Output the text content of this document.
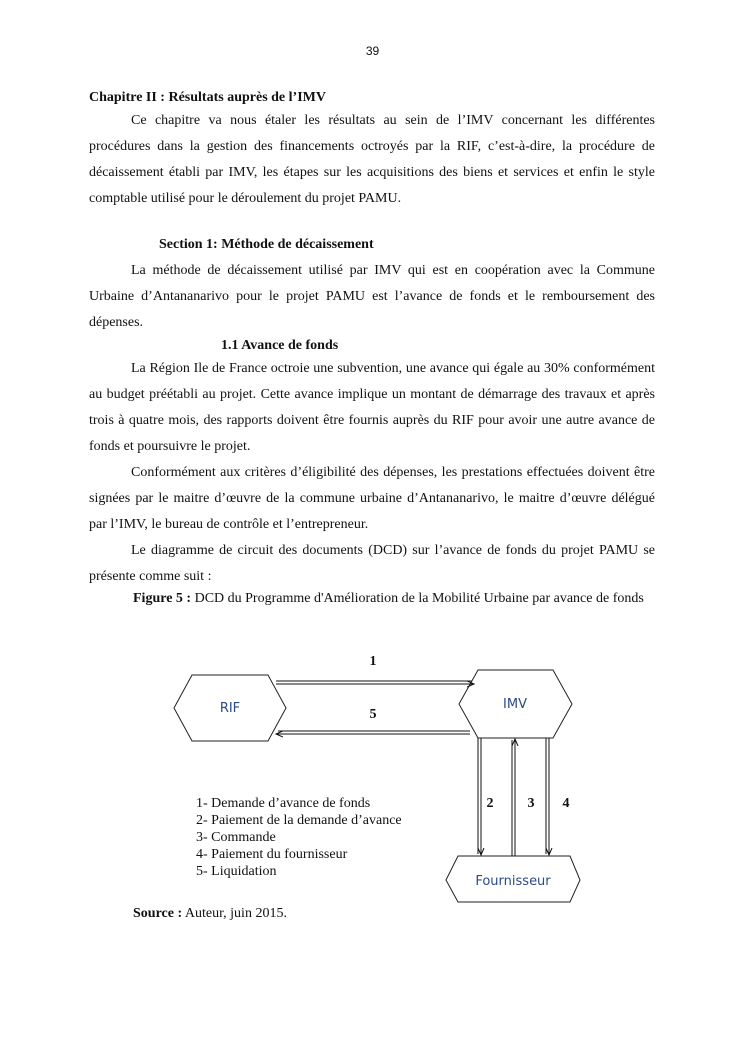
39

Chapitre II : Résultats auprès de l’IMV

Ce chapitre va nous étaler les résultats au sein de l’IMV concernant les différentes procédures dans la gestion des financements octroyés par la RIF, c’est-à-dire, la procédure de décaissement établi par IMV, les étapes sur les acquisitions des biens et services et enfin le style comptable utilisé pour le déroulement du projet PAMU.

Section 1: Méthode de décaissement

La méthode de décaissement utilisé par IMV qui est en coopération avec la Commune Urbaine d’Antananarivo pour le projet PAMU est l’avance de fonds et le remboursement des dépenses.

1.1 Avance de fonds

La Région Ile de France octroie une subvention, une avance qui égale au 30% conformément au budget préétabli au projet. Cette avance implique un montant de démarrage des travaux et après trois à quatre mois, des rapports doivent être fournis auprès du RIF pour avoir une autre avance de fonds et poursuivre le projet.

Conformément aux critères d’éligibilité des dépenses, les prestations effectuées doivent être signées par le maitre d’œuvre de la commune urbaine d’Antananarivo, le maitre d’œuvre délégué par l’IMV, le bureau de contrôle et l’entrepreneur.

Le diagramme de circuit des documents (DCD) sur l’avance de fonds du projet PAMU se présente comme suit :

Figure 5 : DCD du Programme d'Amélioration de la Mobilité Urbaine par avance de fonds

RIF	IMV
Fournisseur
1
5
2 3 4
1- Demande d’avance de fonds
2- Paiement de la demande d’avance
3- Commande
4- Paiement du fournisseur
5- Liquidation
Source : Auteur, juin 2015.
